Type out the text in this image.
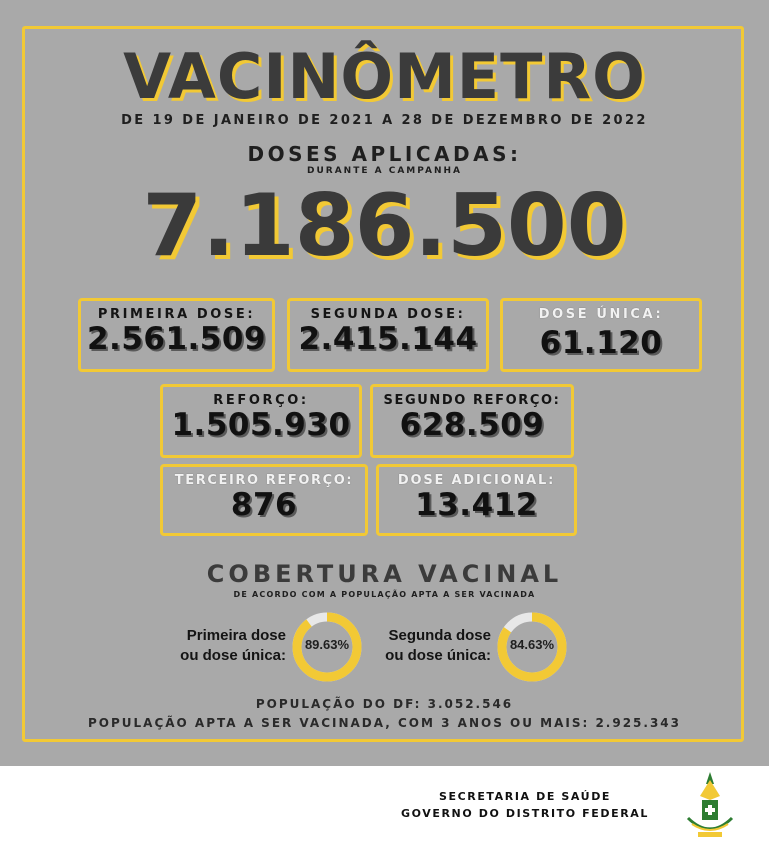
VACINÔMETRO
DE 19 DE JANEIRO DE 2021 A 28 DE DEZEMBRO DE 2022
DOSES APLICADAS:
DURANTE A CAMPANHA
7.186.500
PRIMEIRA DOSE:
2.561.509
SEGUNDA DOSE:
2.415.144
DOSE ÚNICA:
61.120
REFORÇO:
1.505.930
SEGUNDO REFORÇO:
628.509
TERCEIRO REFORÇO:
876
DOSE ADICIONAL:
13.412
COBERTURA VACINAL
DE ACORDO COM A POPULAÇÃO APTA A SER VACINADA
Primeira dose
ou dose única:
89.63%
Segunda dose
ou dose única:
84.63%
POPULAÇÃO DO DF: 3.052.546
POPULAÇÃO APTA A SER VACINADA, COM 3 ANOS OU MAIS: 2.925.343
SECRETARIA DE SAÚDE
GOVERNO DO DISTRITO FEDERAL
